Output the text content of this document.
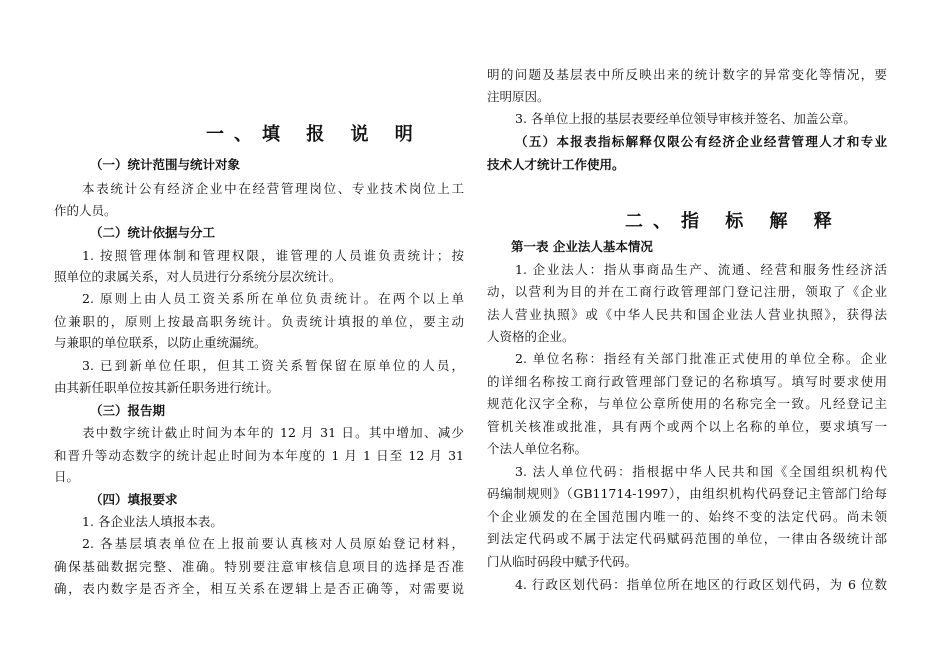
一、填 报 说 明
（一）统计范围与统计对象
本表统计公有经济企业中在经营管理岗位、专业技术岗位上工
作的人员。
（二）统计依据与分工
1. 按照管理体制和管理权限，谁管理的人员谁负责统计；按
照单位的隶属关系，对人员进行分系统分层次统计。
2. 原则上由人员工资关系所在单位负责统计。在两个以上单
位兼职的，原则上按最高职务统计。负责统计填报的单位，要主动
与兼职的单位联系，以防止重统漏统。
3. 已到新单位任职，但其工资关系暂保留在原单位的人员，
由其新任职单位按其新任职务进行统计。
（三）报告期
表中数字统计截止时间为本年的 12 月 31 日。其中增加、减少
和晋升等动态数字的统计起止时间为本年度的 1 月 1 日至 12 月 31
日。
（四）填报要求
1. 各企业法人填报本表。
2. 各基层填表单位在上报前要认真核对人员原始登记材料，
确保基础数据完整、准确。特别要注意审核信息项目的选择是否准
确，表内数字是否齐全，相互关系在逻辑上是否正确等，对需要说
明的问题及基层表中所反映出来的统计数字的异常变化等情况，要
注明原因。
3. 各单位上报的基层表要经单位领导审核并签名、加盖公章。
（五）本报表指标解释仅限公有经济企业经营管理人才和专业
技术人才统计工作使用。
二、指 标 解 释
第一表 企业法人基本情况
1. 企业法人：指从事商品生产、流通、经营和服务性经济活
动，以营利为目的并在工商行政管理部门登记注册，领取了《企业
法人营业执照》或《中华人民共和国企业法人营业执照》，获得法
人资格的企业。
2. 单位名称：指经有关部门批准正式使用的单位全称。企业
的详细名称按工商行政管理部门登记的名称填写。填写时要求使用
规范化汉字全称，与单位公章所使用的名称完全一致。凡经登记主
管机关核准或批准，具有两个或两个以上名称的单位，要求填写一
个法人单位名称。
3. 法人单位代码：指根据中华人民共和国《全国组织机构代
码编制规则》（GB11714-1997），由组织机构代码登记主管部门给每
个企业颁发的在全国范围内唯一的、始终不变的法定代码。尚未领
到法定代码或不属于法定代码赋码范围的单位，一律由各级统计部
门从临时码段中赋予代码。
4. 行政区划代码：指单位所在地区的行政区划代码，为 6 位数
